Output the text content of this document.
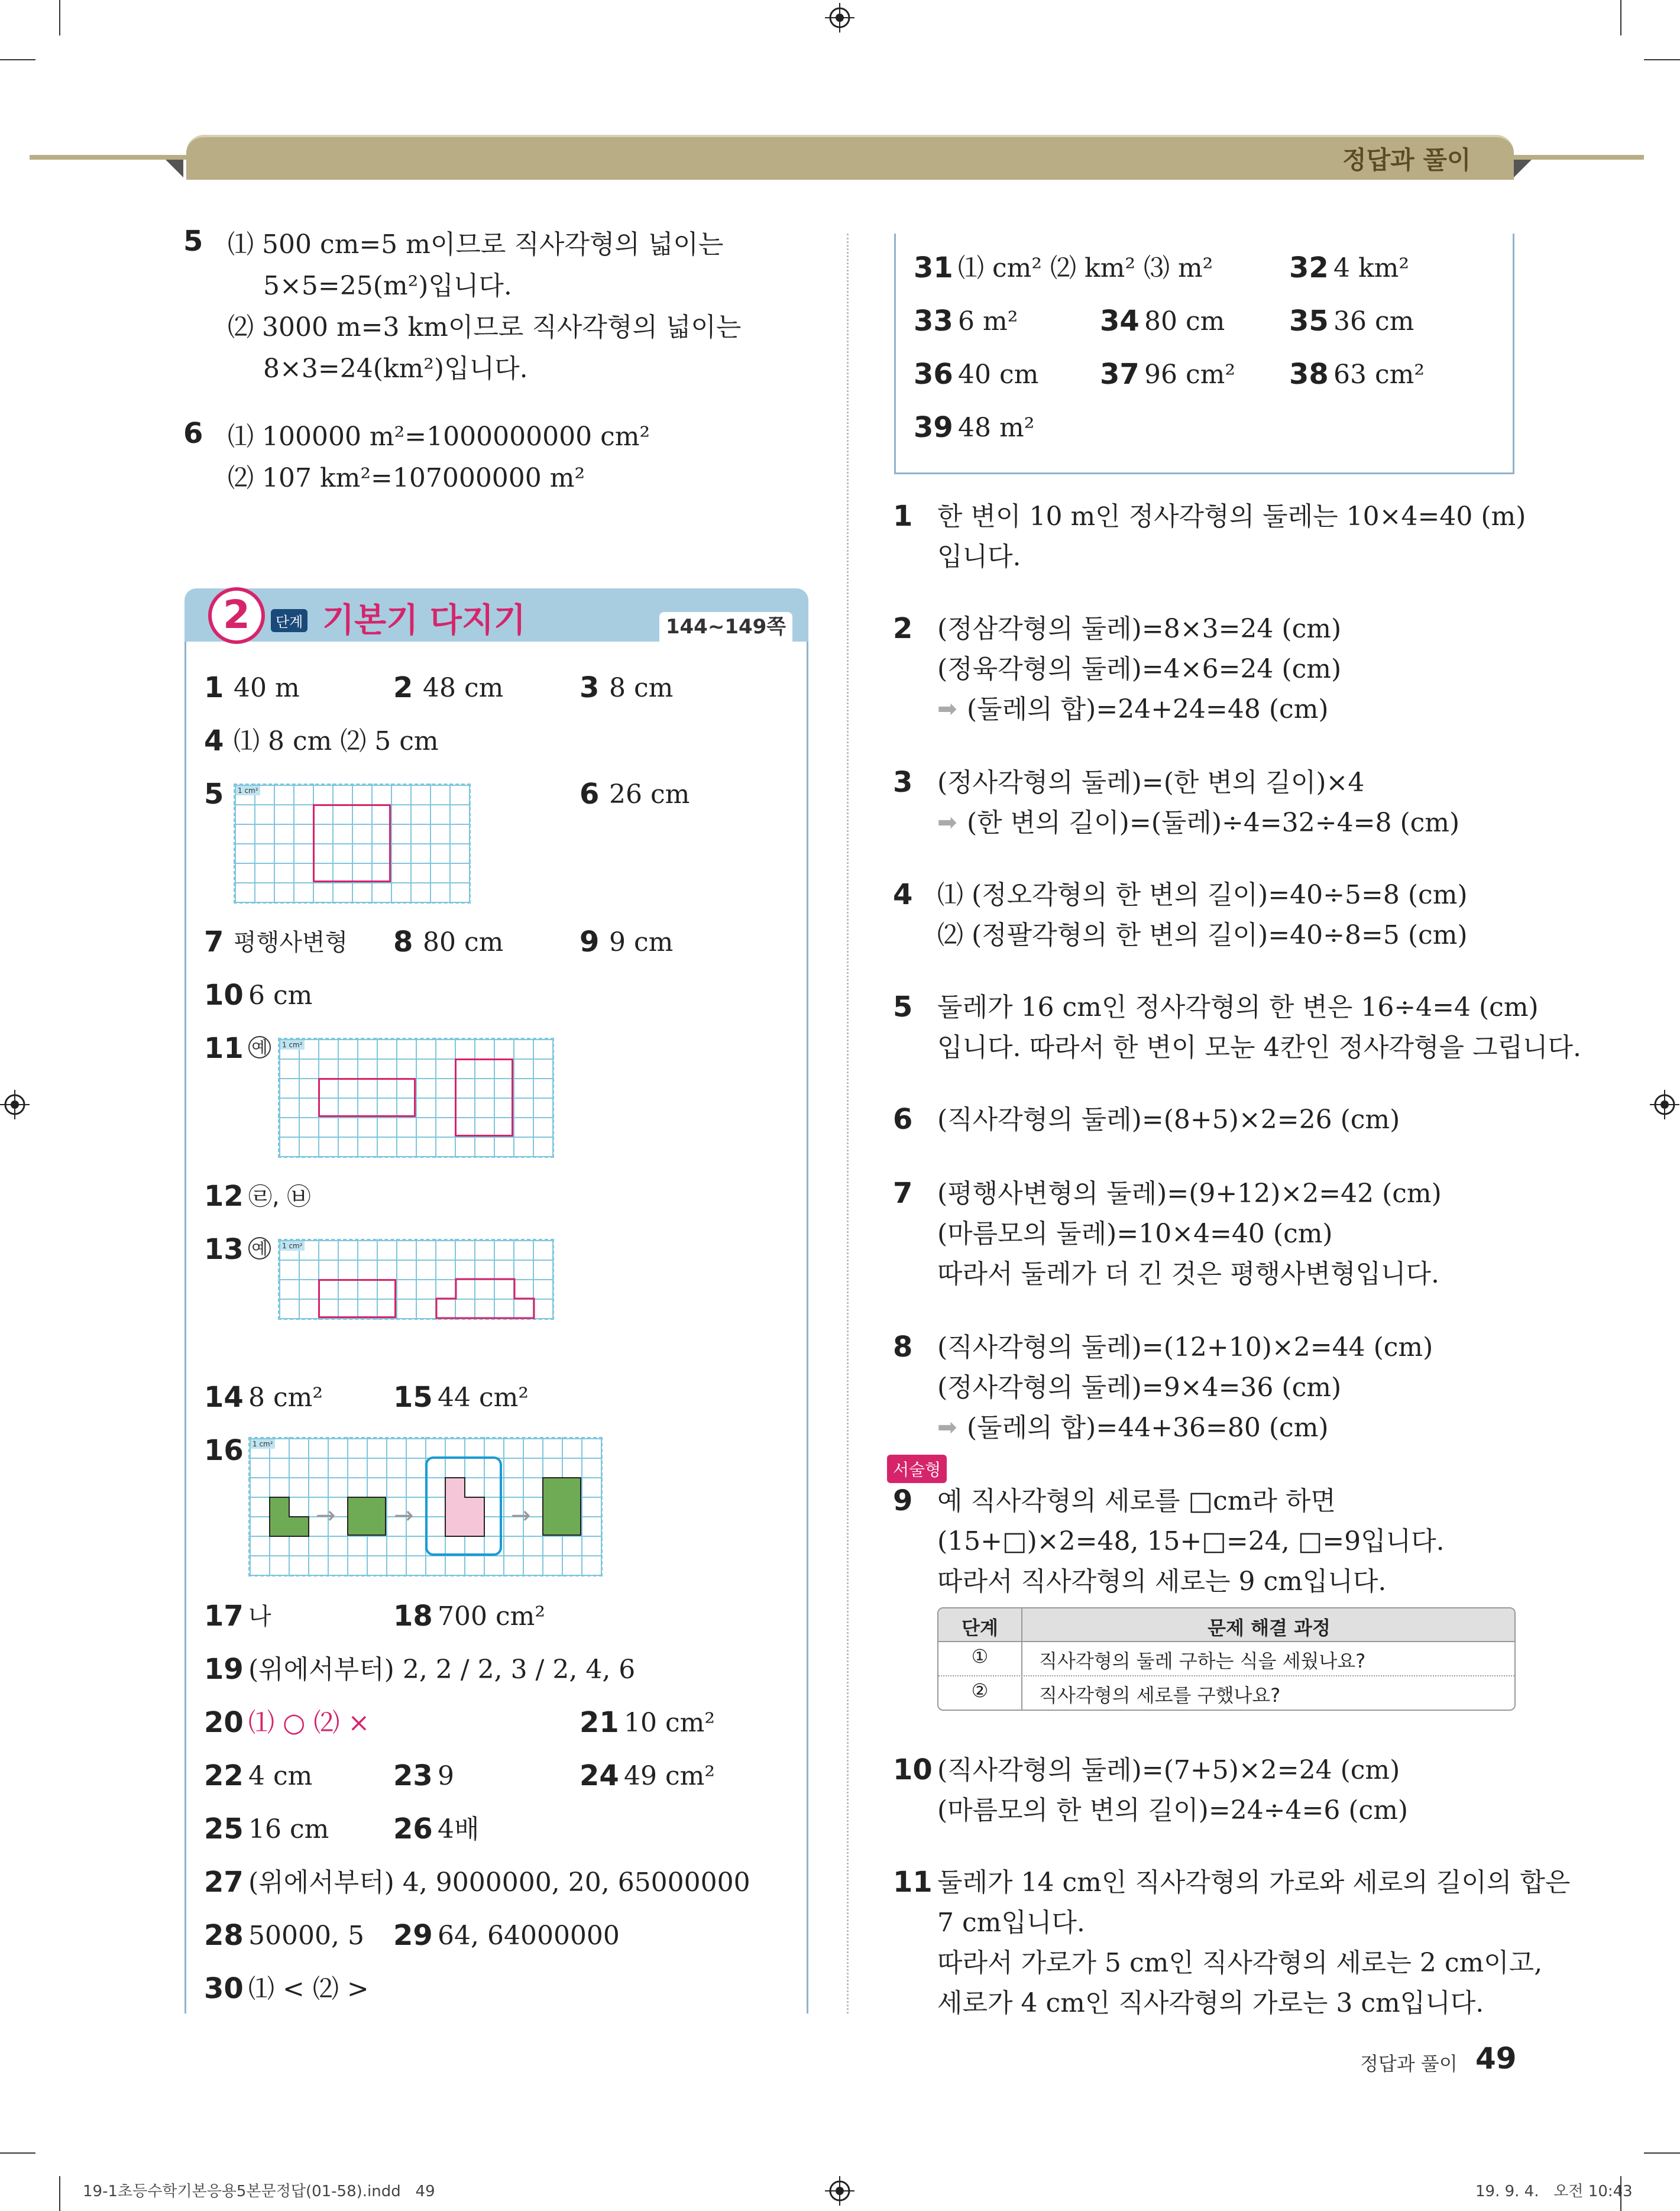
정답과 풀이
5 ⑴ 500 cm=5 m이므로 직사각형의 넓이는
5×5=25(m²)입니다.
⑵ 3000 m=3 km이므로 직사각형의 넓이는
8×3=24(km²)입니다.
6 ⑴ 100000 m²=1000000000 cm²
⑵ 107 km²=107000000 m²
2	단계 기본기 다지기	144~149쪽
1 40 m	2 48 cm	3 8 cm
4 ⑴ 8 cm ⑵ 5 cm
5 1 cm²	6 26 cm
7 평행사변형 8 80 cm	9 9 cm
10 6 cm
11 예	1 cm²
12 ㉣, ㉥
13 예	1 cm²
14 8 cm² 15 44 cm²
16 1 cm²
→ →	→
17 나	18 700 cm²
19 (위에서부터) 2, 2 / 2, 3 / 2, 4, 6
20 ⑴ ○ ⑵ ×	21 10 cm²
22 4 cm	23 9	24 49 cm²
25 16 cm 26 4배
27 (위에서부터) 4, 9000000, 20, 65000000
28 50000, 5 29 64, 64000000
30 ⑴ < ⑵ >
31 ⑴ cm² ⑵ km² ⑶ m²	32 4 km²
33 6 m²	34 80 cm 35 36 cm
36 40 cm 37 96 cm² 38 63 cm²
39 48 m²
1 한 변이 10 m인 정사각형의 둘레는 10×4=40 (m)
입니다.
2 (정삼각형의 둘레)=8×3=24 (cm)
(정육각형의 둘레)=4×6=24 (cm)
➡ (둘레의 합)=24+24=48 (cm)
3 (정사각형의 둘레)=(한 변의 길이)×4
➡ (한 변의 길이)=(둘레)÷4=32÷4=8 (cm)
4 ⑴ (정오각형의 한 변의 길이)=40÷5=8 (cm)
⑵ (정팔각형의 한 변의 길이)=40÷8=5 (cm)
5 둘레가 16 cm인 정사각형의 한 변은 16÷4=4 (cm)
입니다. 따라서 한 변이 모눈 4칸인 정사각형을 그립니다.
6 (직사각형의 둘레)=(8+5)×2=26 (cm)
7 (평행사변형의 둘레)=(9+12)×2=42 (cm)
(마름모의 둘레)=10×4=40 (cm)
따라서 둘레가 더 긴 것은 평행사변형입니다.
8 (직사각형의 둘레)=(12+10)×2=44 (cm)
(정사각형의 둘레)=9×4=36 (cm)
➡ (둘레의 합)=44+36=80 (cm)
서술형
9 예 직사각형의 세로를 □cm라 하면
(15+□)×2=48, 15+□=24, □=9입니다.
따라서 직사각형의 세로는 9 cm입니다.
단계	문제 해결 과정
①	직사각형의 둘레 구하는 식을 세웠나요?
②	직사각형의 세로를 구했나요?
10 (직사각형의 둘레)=(7+5)×2=24 (cm)
(마름모의 한 변의 길이)=24÷4=6 (cm)
11 둘레가 14 cm인 직사각형의 가로와 세로의 길이의 합은
7 cm입니다.
따라서 가로가 5 cm인 직사각형의 세로는 2 cm이고,
세로가 4 cm인 직사각형의 가로는 3 cm입니다.
정답과 풀이 49
19-1초등수학기본응용5본문정답(01-58).indd   49	19. 9. 4.   오전 10:43
